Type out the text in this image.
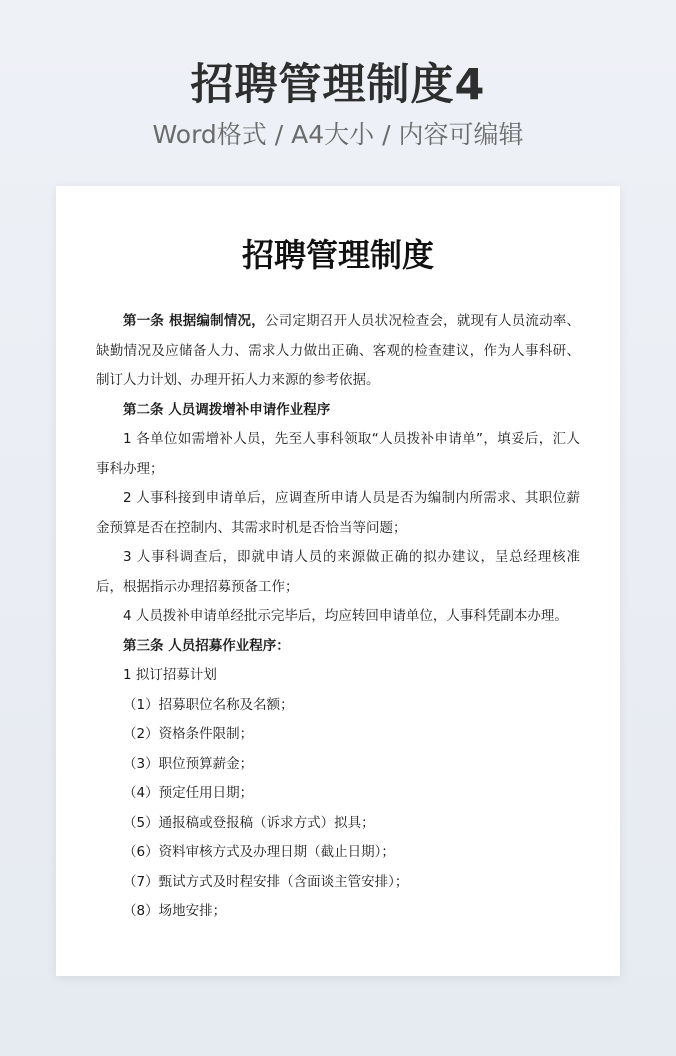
招聘管理制度4
Word格式 / A4大小 / 内容可编辑
招聘管理制度

第一条 根据编制情况，公司定期召开人员状况检查会，就现有人员流动率、缺勤情况及应储备人力、需求人力做出正确、客观的检查建议，作为人事科研、制订人力计划、办理开拓人力来源的参考依据。

第二条 人员调拨增补申请作业程序

1 各单位如需增补人员，先至人事科领取“人员拨补申请单”，填妥后，汇人事科办理；

2 人事科接到申请单后，应调查所申请人员是否为编制内所需求、其职位薪金预算是否在控制内、其需求时机是否恰当等问题；

3 人事科调查后，即就申请人员的来源做正确的拟办建议，呈总经理核准后，根据指示办理招募预备工作；

4 人员拨补申请单经批示完毕后，均应转回申请单位，人事科凭副本办理。

第三条 人员招募作业程序：

1 拟订招募计划

（1）招募职位名称及名额；

（2）资格条件限制；

（3）职位预算薪金；

（4）预定任用日期；

（5）通报稿或登报稿（诉求方式）拟具；

（6）资料审核方式及办理日期（截止日期）；

（7）甄试方式及时程安排（含面谈主管安排）；

（8）场地安排；
